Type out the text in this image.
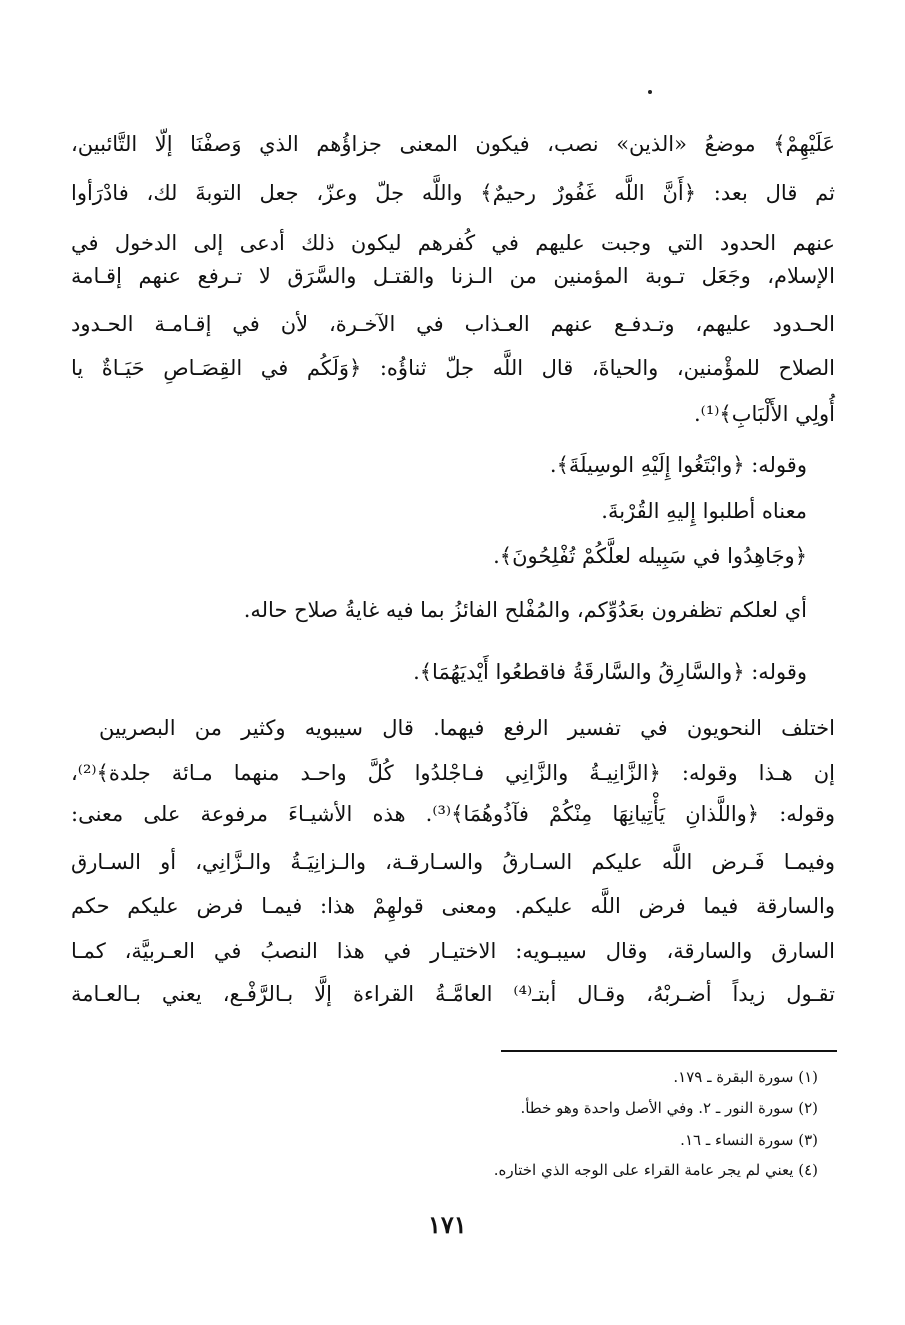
عَلَيْهِمْ﴾ موضعُ «الذين» نصب، فيكون المعنى جزاؤُهم الذي وَصفْنَا إلّا التَّائبين،
ثم قال بعد: ﴿أَنَّ اللَّه غَفُورٌ رحيمٌ﴾ واللَّه جلّ وعزّ، جعل التوبةَ لك، فادْرَأوا
عنهم الحدود التي وجبت عليهم في كُفرهم ليكون ذلك أدعى إلى الدخول في
الإسلام، وجَعَل تـوبة المؤمنين من الـزنا والقتـل والسَّرَق لا تـرفع عنهم إقـامة
الحـدود عليهم، وتـدفـع عنهم العـذاب في الآخـرة، لأن في إقـامـة الحـدود
الصلاح للمؤْمنين، والحياةَ، قال اللَّه جلّ ثناؤُه: ﴿وَلَكُم في القِصَـاصِ حَيَـاةٌ يا
أُولِي الأَلْبَابِ﴾⁽¹⁾.
وقوله: ﴿وابْتَغُوا إِلَيْهِ الوسِيلَةَ﴾.
معناه أطلبوا إِليهِ القُرْبةَ.
﴿وجَاهِدُوا في سَبِيله لعلَّكُمْ تُفْلِحُونَ﴾.
أي لعلكم تظفرون بعَدُوِّكم، والمُفْلح الفائزُ بما فيه غايةُ صلاح حاله.
وقوله: ﴿والسَّارِقُ والسَّارقَةُ فاقطعُوا أَيْديَهُمَا﴾.
اختلف النحويون في تفسير الرفع فيهما. قال سيبويه وكثير من البصريين
إن هـذا وقوله: ﴿الزَّانِيـةُ والزَّانِي فـاجْلدُوا كُلَّ واحـد منهما مـائة جلدة﴾⁽²⁾،
وقوله: ﴿واللَّذانِ يَأْتِيانِهَا مِنْكُمْ فآذُوهُمَا﴾⁽³⁾. هذه الأشيـاءَ مرفوعة على معنى:
وفيمـا فَـرض اللَّه عليكم السـارقُ والسـارقـة، والـزانِيَـةُ والـزَّانِي، أو السـارق
والسارقة فيما فرض اللَّه عليكم. ومعنى قولهِمْ هذا: فيمـا فرض عليكم حكم
السارق والسارقة، وقال سيبـويه: الاختيـار في هذا النصبُ في العـربيَّة، كمـا
تقـول زيداً أضـربْهُ، وقـال أبتـ⁽⁴⁾ العامَّـةُ القراءة إلَّا بـالرَّفْـع، يعني بـالعـامة
(١) سورة البقرة ـ ١٧٩.
(٢) سورة النور ـ ٢. وفي الأصل واحدة وهو خطأ.
(٣) سورة النساء ـ ١٦.
(٤) يعني لم يجر عامة القراء على الوجه الذي اختاره.
١٧١
